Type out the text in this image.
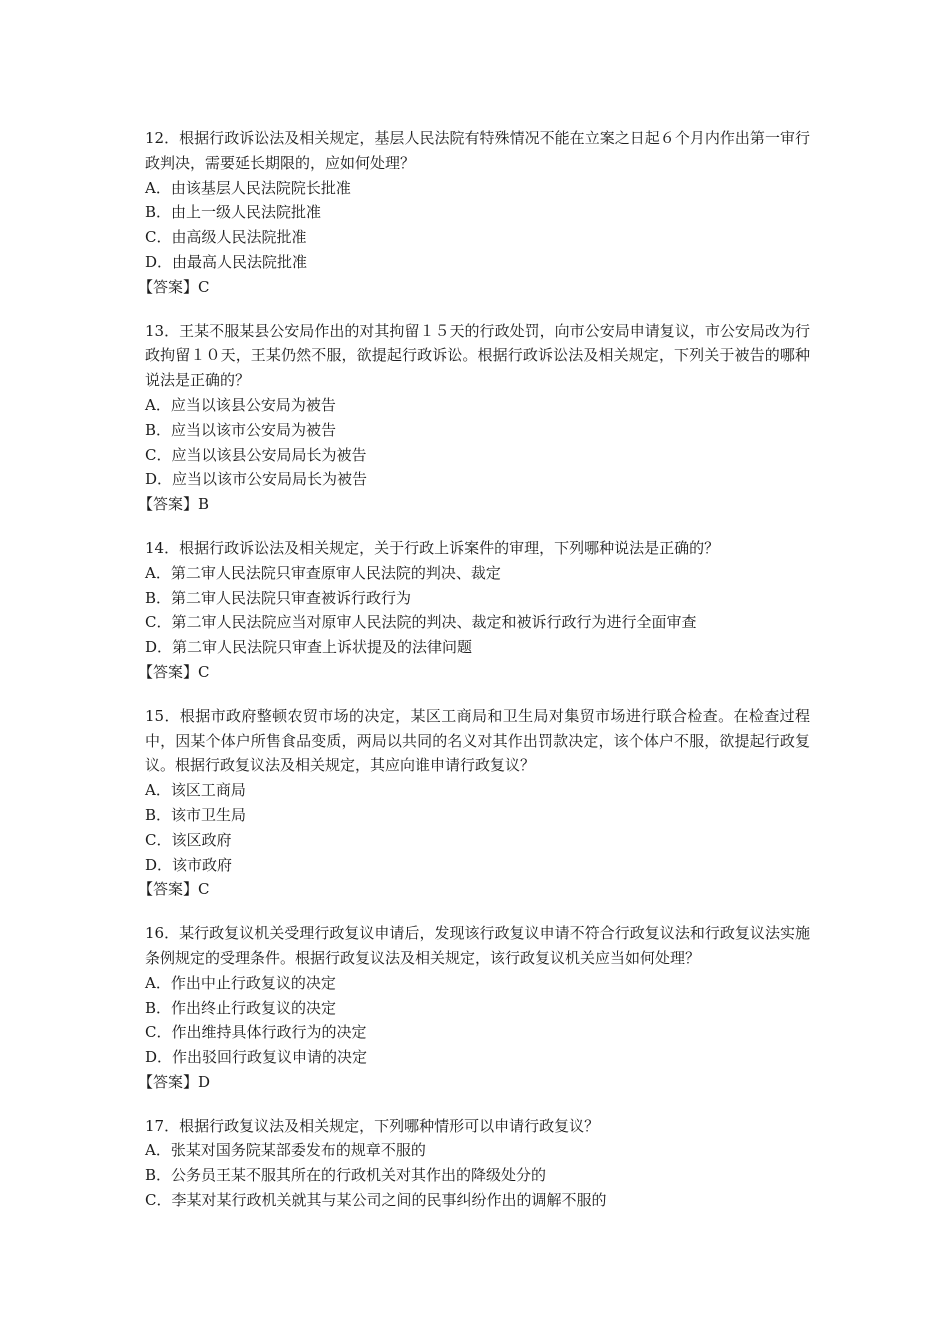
12．根据行政诉讼法及相关规定，基层人民法院有特殊情况不能在立案之日起６个月内作出第一审行政判决，需要延长期限的，应如何处理？

A．由该基层人民法院院长批准
B．由上一级人民法院批准
C．由高级人民法院批准
D．由最高人民法院批准

【答案】C

13．王某不服某县公安局作出的对其拘留１５天的行政处罚，向市公安局申请复议，市公安局改为行政拘留１０天，王某仍然不服，欲提起行政诉讼。根据行政诉讼法及相关规定，下列关于被告的哪种说法是正确的？

A．应当以该县公安局为被告
B．应当以该市公安局为被告
C．应当以该县公安局局长为被告
D．应当以该市公安局局长为被告

【答案】B

14．根据行政诉讼法及相关规定，关于行政上诉案件的审理，下列哪种说法是正确的？

A．第二审人民法院只审查原审人民法院的判决、裁定
B．第二审人民法院只审查被诉行政行为
C．第二审人民法院应当对原审人民法院的判决、裁定和被诉行政行为进行全面审查
D．第二审人民法院只审查上诉状提及的法律问题

【答案】C

15．根据市政府整顿农贸市场的决定，某区工商局和卫生局对集贸市场进行联合检查。在检查过程中，因某个体户所售食品变质，两局以共同的名义对其作出罚款决定，该个体户不服，欲提起行政复议。根据行政复议法及相关规定，其应向谁申请行政复议？

A．该区工商局
B．该市卫生局
C．该区政府
D．该市政府

【答案】C

16．某行政复议机关受理行政复议申请后，发现该行政复议申请不符合行政复议法和行政复议法实施条例规定的受理条件。根据行政复议法及相关规定，该行政复议机关应当如何处理？

A．作出中止行政复议的决定
B．作出终止行政复议的决定
C．作出维持具体行政行为的决定
D．作出驳回行政复议申请的决定

【答案】D

17．根据行政复议法及相关规定，下列哪种情形可以申请行政复议？

A．张某对国务院某部委发布的规章不服的
B．公务员王某不服其所在的行政机关对其作出的降级处分的
C．李某对某行政机关就其与某公司之间的民事纠纷作出的调解不服的
